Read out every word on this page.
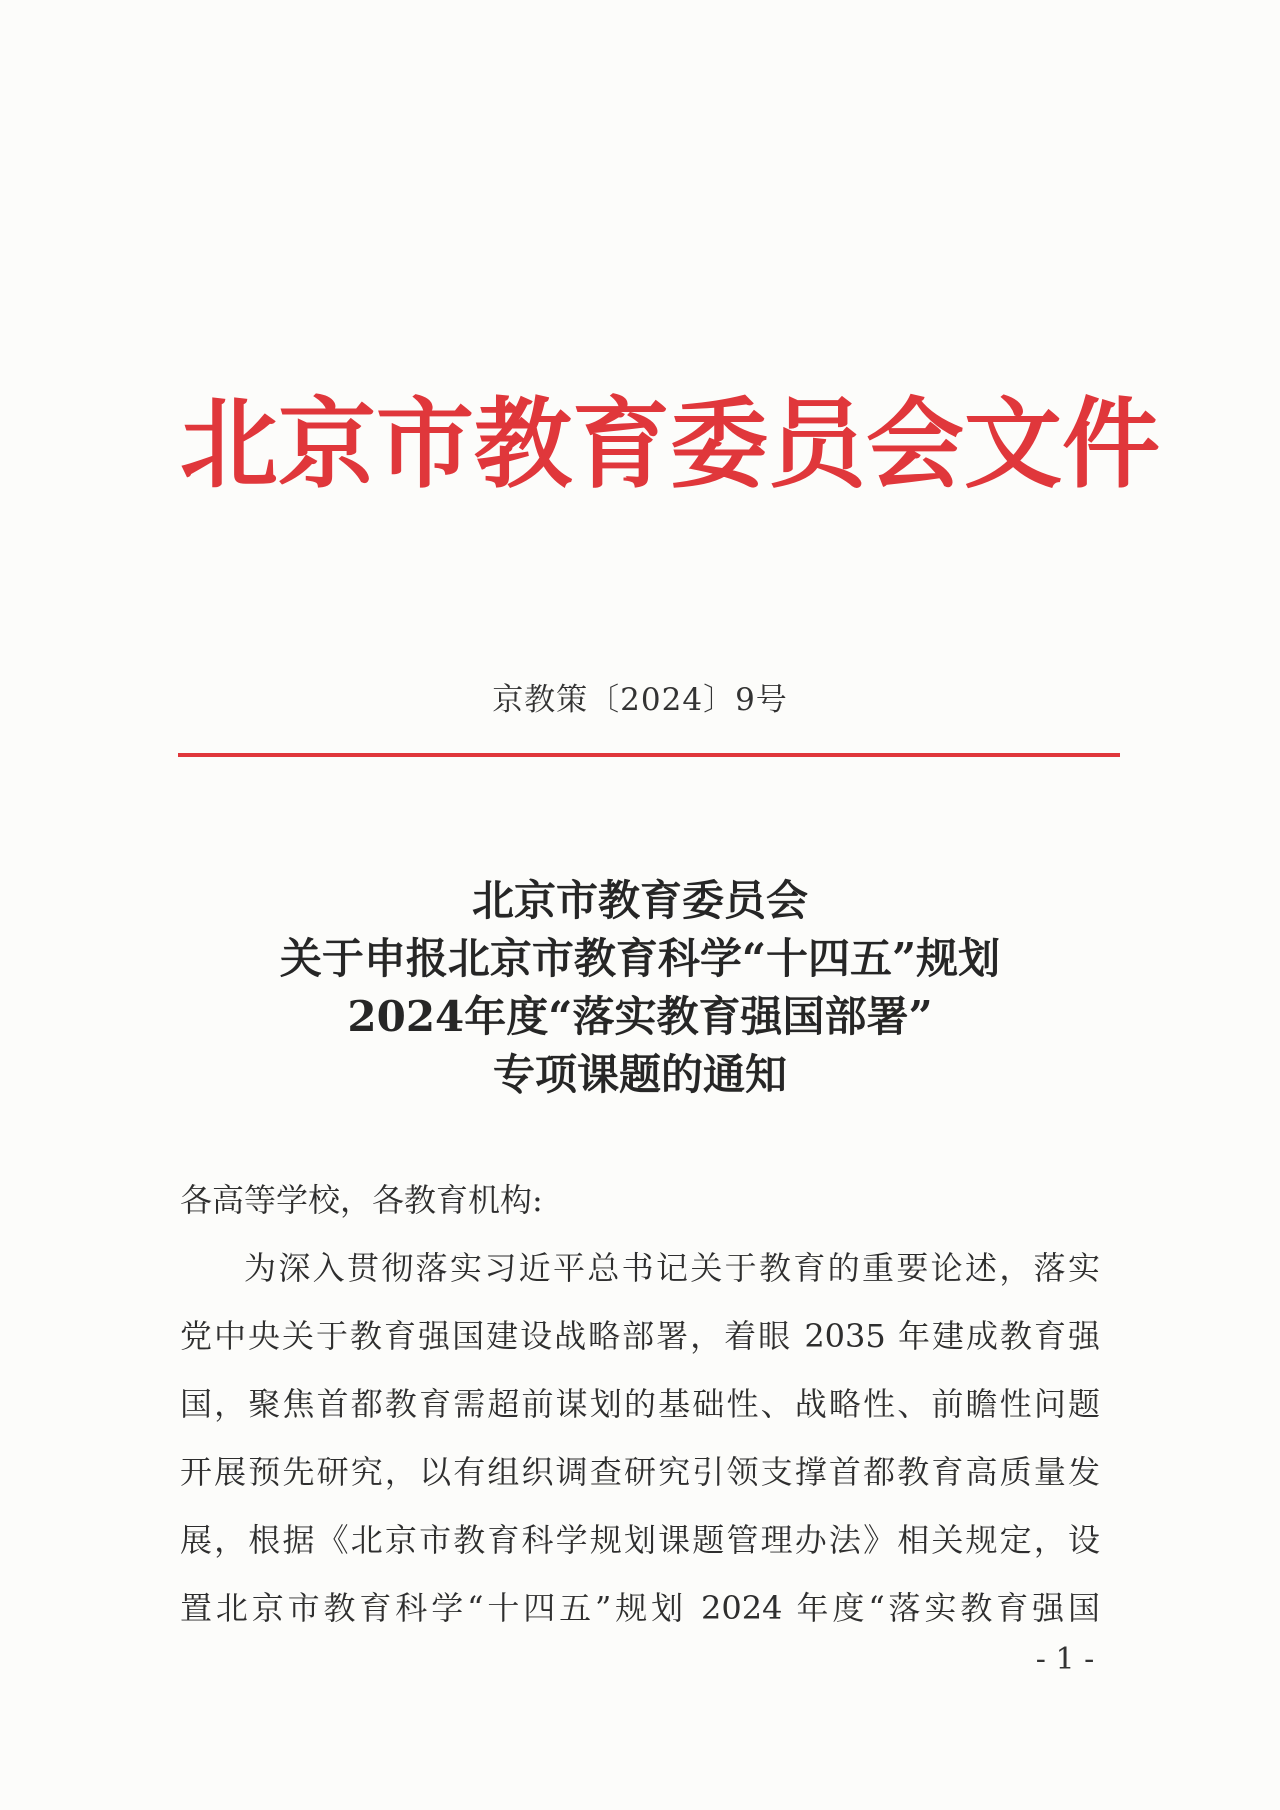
北京市教育委员会文件
京教策〔2024〕9号
北京市教育委员会
关于申报北京市教育科学“十四五”规划
2024年度“落实教育强国部署”
专项课题的通知
各高等学校，各教育机构:
为深入贯彻落实习近平总书记关于教育的重要论述，落实
党中央关于教育强国建设战略部署，着眼 2035 年建成教育强
国，聚焦首都教育需超前谋划的基础性、战略性、前瞻性问题
开展预先研究，以有组织调查研究引领支撑首都教育高质量发
展，根据《北京市教育科学规划课题管理办法》相关规定，设
置北京市教育科学“十四五”规划 2024 年度“落实教育强国
- 1 -
